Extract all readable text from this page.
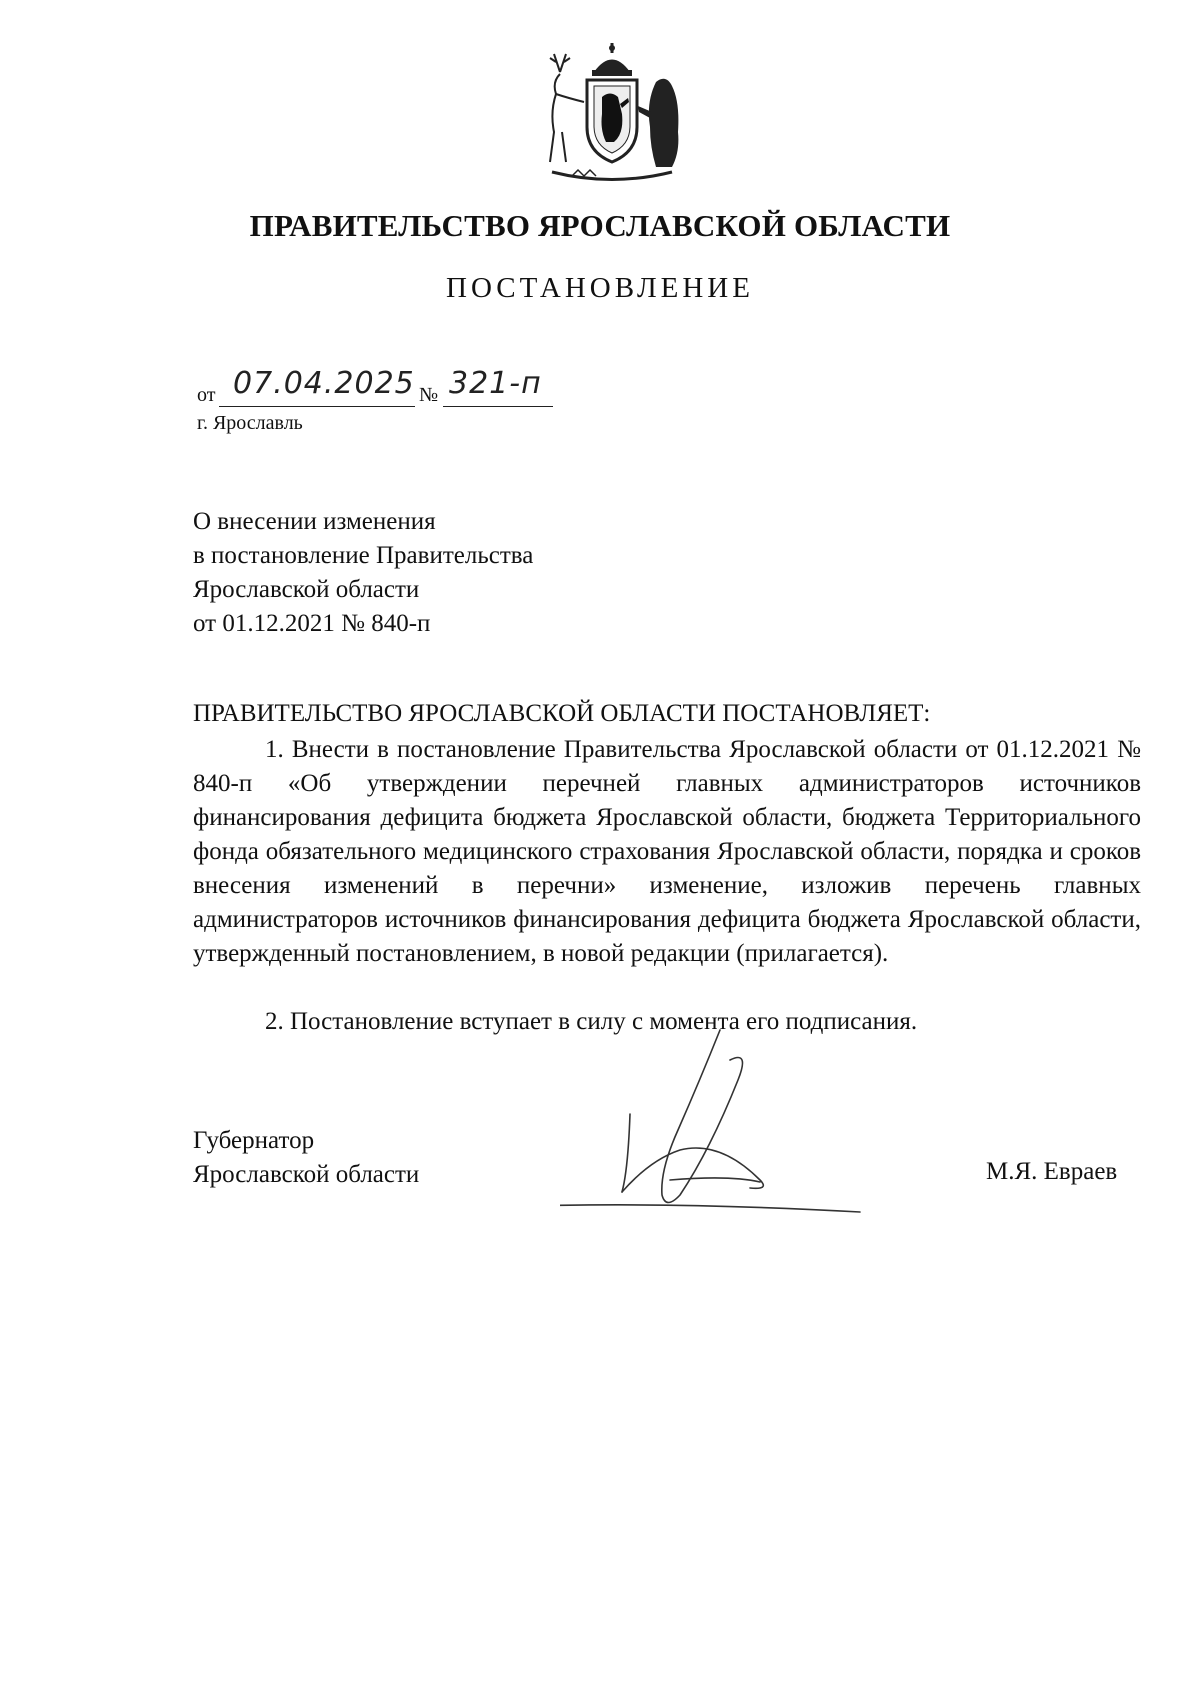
ПРАВИТЕЛЬСТВО ЯРОСЛАВСКОЙ ОБЛАСТИ
ПОСТАНОВЛЕНИЕ
от 07.04.2025 № 321-п
г. Ярославль
О внесении изменения
в постановление Правительства
Ярославской области
от 01.12.2021 № 840-п
ПРАВИТЕЛЬСТВО ЯРОСЛАВСКОЙ ОБЛАСТИ ПОСТАНОВЛЯЕТ:
1. Внести в постановление Правительства Ярославской области от 01.12.2021 № 840-п «Об утверждении перечней главных администраторов источников финансирования дефицита бюджета Ярославской области, бюджета Территориального фонда обязательного медицинского страхования Ярославской области, порядка и сроков внесения изменений в перечни» изменение, изложив перечень главных администраторов источников финансирования дефицита бюджета Ярославской области, утвержденный постановлением, в новой редакции (прилагается).
2. Постановление вступает в силу с момента его подписания.
Губернатор
Ярославской области	М.Я. Евраев
